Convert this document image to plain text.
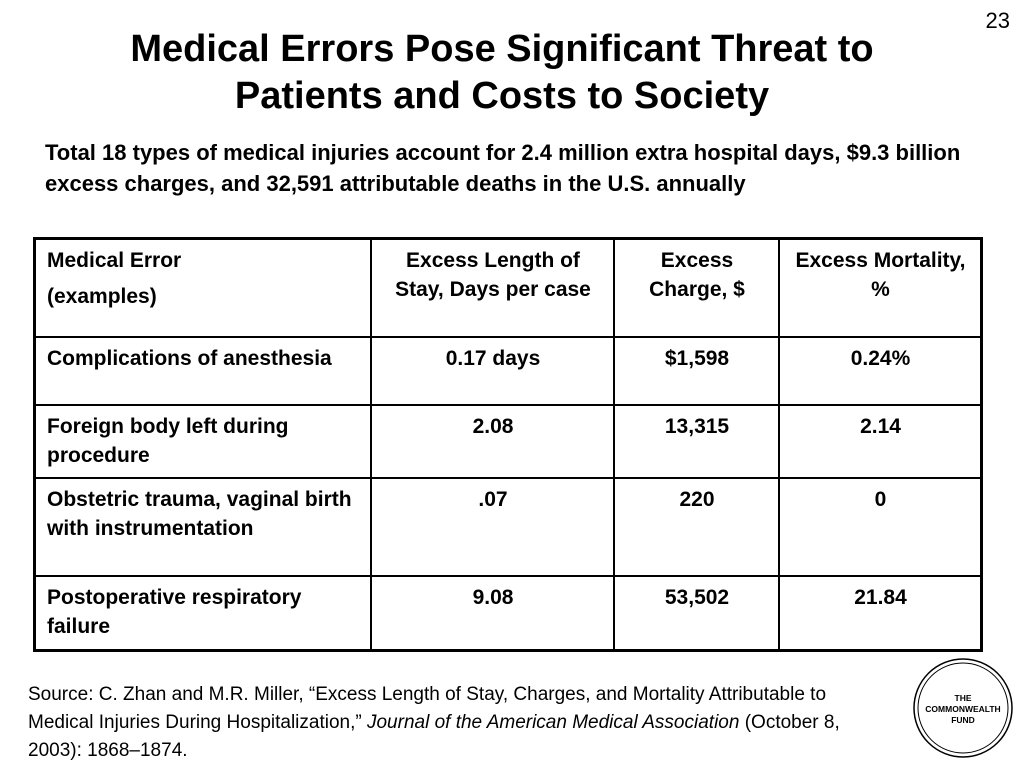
23
Medical Errors Pose Significant Threat to
Patients and Costs to Society

Total 18 types of medical injuries account for 2.4 million extra hospital days, $9.3 billion excess charges, and 32,591 attributable deaths in the U.S. annually

Medical Error
(examples)	Excess Length of Stay, Days per case	Excess Charge, $	Excess Mortality, %
Complications of anesthesia	0.17 days	$1,598	0.24%
Foreign body left during procedure	2.08	13,315	2.14
Obstetric trauma, vaginal birth with instrumentation	.07	220	0
Postoperative respiratory failure	9.08	53,502	21.84

Source: C. Zhan and M.R. Miller, “Excess Length of Stay, Charges, and Mortality Attributable to Medical Injuries During Hospitalization,” Journal of the American Medical Association (October 8, 2003): 1868–1874.

THE
COMMONWEALTH
FUND
